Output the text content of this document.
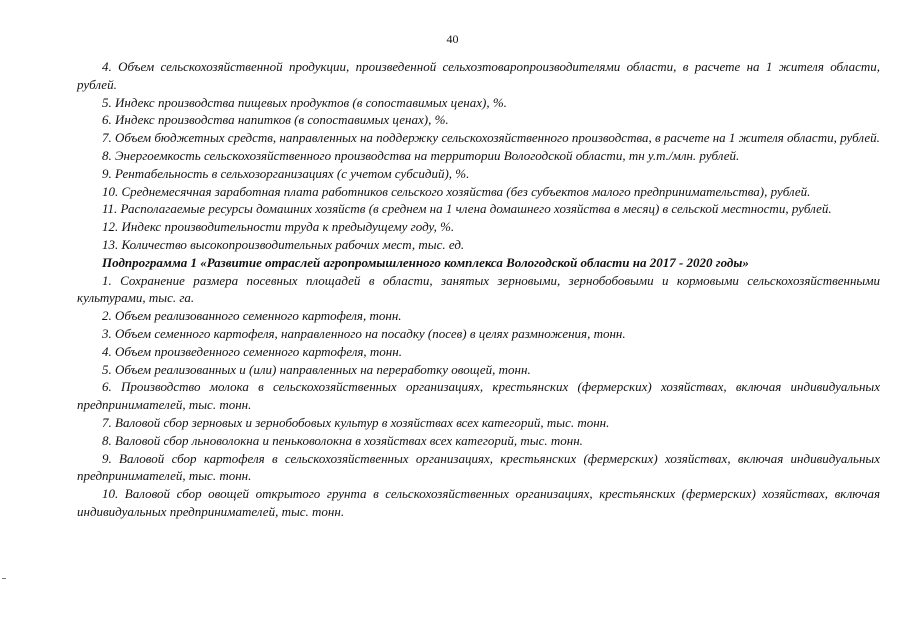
40

4. Объем сельскохозяйственной продукции, произведенной сельхозтоваропроизводителями области, в расчете на 1 жителя области, рублей.

5. Индекс производства пищевых продуктов (в сопоставимых ценах), %.

6. Индекс производства напитков (в сопоставимых ценах), %.

7. Объем бюджетных средств, направленных на поддержку сельскохозяйственного производства, в расчете на 1 жителя области, рублей.

8. Энергоемкость сельскохозяйственного производства на территории Вологодской области, тн у.т./млн. рублей.

9. Рентабельность в сельхозорганизациях (с учетом субсидий), %.

10. Среднемесячная заработная плата работников сельского хозяйства (без субъектов малого предпринимательства), рублей.

11. Располагаемые ресурсы домашних хозяйств (в среднем на 1 члена домашнего хозяйства в месяц) в сельской местности, рублей.

12. Индекс производительности труда к предыдущему году, %.

13. Количество высокопроизводительных рабочих мест, тыс. ед.

Подпрограмма 1 «Развитие отраслей агропромышленного комплекса Вологодской области на 2017 - 2020 годы»

1. Сохранение размера посевных площадей в области, занятых зерновыми, зернобобовыми и кормовыми сельскохозяйственными культурами, тыс. га.

2. Объем реализованного семенного картофеля, тонн.

3. Объем семенного картофеля, направленного на посадку (посев) в целях размножения, тонн.

4. Объем произведенного семенного картофеля, тонн.

5. Объем реализованных и (или) направленных на переработку овощей, тонн.

6. Производство молока в сельскохозяйственных организациях, крестьянских (фермерских) хозяйствах, включая индивидуальных предпринимателей, тыс. тонн.

7. Валовой сбор зерновых и зернобобовых культур в хозяйствах всех категорий, тыс. тонн.

8. Валовой сбор льноволокна и пеньковолокна в хозяйствах всех категорий, тыс. тонн.

9. Валовой сбор картофеля в сельскохозяйственных организациях, крестьянских (фермерских) хозяйствах, включая индивидуальных предпринимателей, тыс. тонн.

10. Валовой сбор овощей открытого грунта в сельскохозяйственных организациях, крестьянских (фермерских) хозяйствах, включая индивидуальных предпринимателей, тыс. тонн.
